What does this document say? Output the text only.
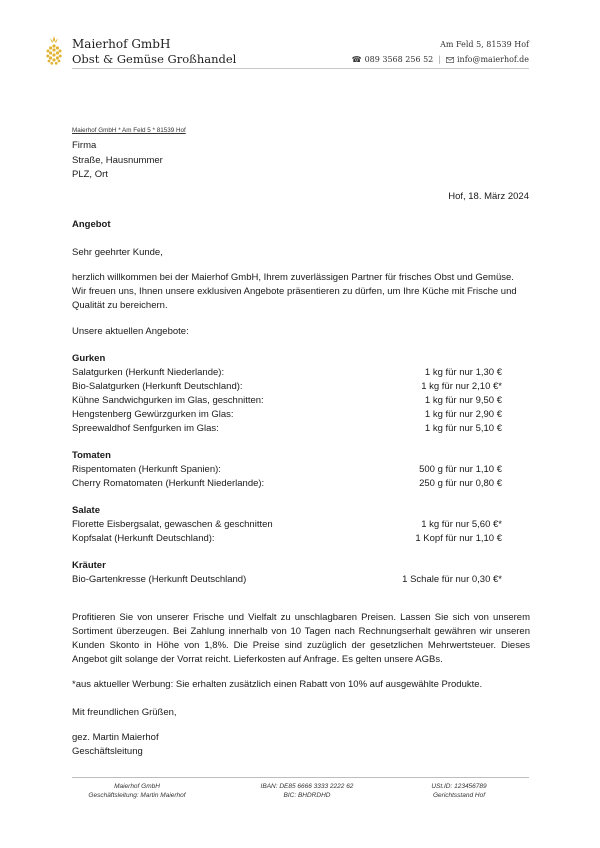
Maierhof GmbH
Obst & Gemüse Großhandel
Am Feld 5, 81539 Hof
☎ 089 3568 256 52 | info@maierhof.de
Maierhof GmbH * Am Feld 5 * 81539 Hof
Firma
Straße, Hausnummer
PLZ, Ort
Hof, 18. März 2024
Angebot
Sehr geehrter Kunde,
herzlich willkommen bei der Maierhof GmbH, Ihrem zuverlässigen Partner für frisches Obst und Gemüse. Wir freuen uns, Ihnen unsere exklusiven Angebote präsentieren zu dürfen, um Ihre Küche mit Frische und Qualität zu bereichern.
Unsere aktuellen Angebote:
Gurken
Salatgurken (Herkunft Niederlande):	1 kg für nur 1,30 €
Bio-Salatgurken (Herkunft Deutschland):	1 kg für nur 2,10 €*
Kühne Sandwichgurken im Glas, geschnitten:	1 kg für nur 9,50 €
Hengstenberg Gewürzgurken im Glas:	1 kg für nur 2,90 €
Spreewaldhof Senfgurken im Glas:	1 kg für nur 5,10 €
Tomaten
Rispentomaten (Herkunft Spanien):	500 g für nur 1,10 €
Cherry Romatomaten (Herkunft Niederlande):	250 g für nur 0,80 €
Salate
Florette Eisbergsalat, gewaschen & geschnitten	1 kg für nur 5,60 €*
Kopfsalat (Herkunft Deutschland):	1 Kopf für nur 1,10 €
Kräuter
Bio-Gartenkresse (Herkunft Deutschland)	1 Schale für nur 0,30 €*
Profitieren Sie von unserer Frische und Vielfalt zu unschlagbaren Preisen. Lassen Sie sich von unserem Sortiment überzeugen. Bei Zahlung innerhalb von 10 Tagen nach Rechnungserhalt gewähren wir unseren Kunden Skonto in Höhe von 1,8%. Die Preise sind zuzüglich der gesetzlichen Mehrwertsteuer. Dieses Angebot gilt solange der Vorrat reicht. Lieferkosten auf Anfrage. Es gelten unsere AGBs.
*aus aktueller Werbung: Sie erhalten zusätzlich einen Rabatt von 10% auf ausgewählte Produkte.
Mit freundlichen Grüßen,
gez. Martin Maierhof
Geschäftsleitung
Maierhof GmbH
Geschäftsleitung: Martin Maierhof
IBAN: DE85 6666 3333 2222 62
BIC: BHDRDHD
USt.ID: 123456789
Gerichtsstand Hof
